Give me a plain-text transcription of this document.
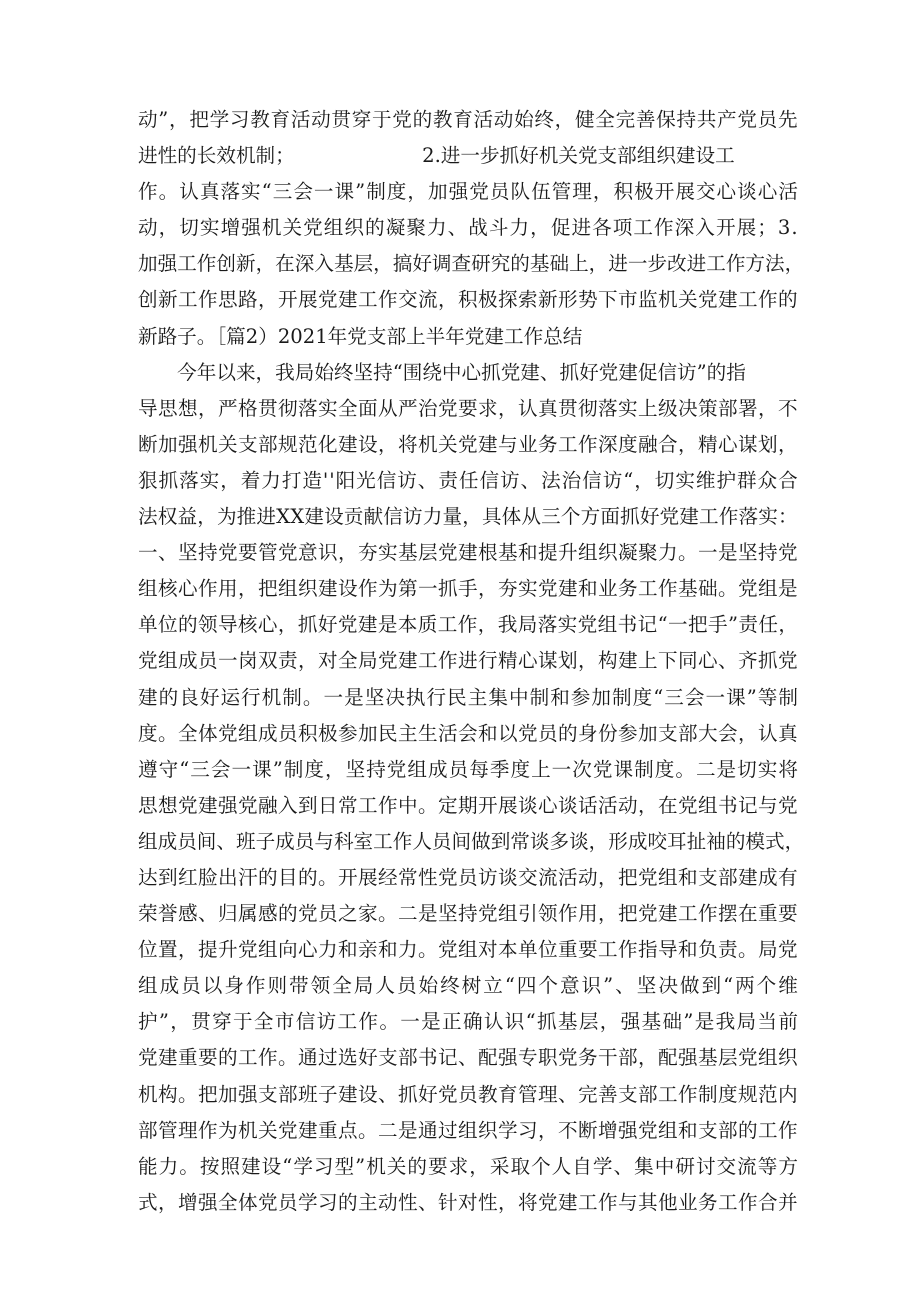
动 ” ， 把 学 习 教 育 活 动 贯 穿 于 党 的 教 育 活 动 始 终 ， 健 全 完 善 保 持 共 产 党 员 先
进性的长效机制；　　　　　　　2.进一步抓好机关党支部组织建设工
作 。 认 真 落 实 “ 三 会 一 课 ” 制 度 ， 加 强 党 员 队 伍 管 理 ， 积 极 开 展 交 心 谈 心 活
动 ， 切 实 增 强 机 关 党 组 织 的 凝 聚 力 、 战 斗 力 ， 促 进 各 项 工 作 深 入 开 展 ； 3 .
加 强 工 作 创 新 ， 在 深 入 基 层 ， 搞 好 调 查 研 究 的 基 础 上 ， 进 一 步 改 进 工 作 方 法 ，
创 新 工 作 思 路 ， 开 展 党 建 工 作 交 流 ， 积 极 探 索 新 形 势 下 市 监 机 关 党 建 工 作 的
新路子。［篇2）2021年党支部上半年党建工作总结
　　今年以来，我局始终坚持“围绕中心抓党建、抓好党建促信访”的指
导 思 想 ， 严 格 贯 彻 落 实 全 面 从 严 治 党 要 求 ， 认 真 贯 彻 落 实 上 级 决 策 部 署 ， 不
断 加 强 机 关 支 部 规 范 化 建 设 ， 将 机 关 党 建 与 业 务 工 作 深 度 融 合 ， 精 心 谋 划 ，
狠 抓 落 实 ， 着 力 打 造 ' ' 阳 光 信 访 、 责 任 信 访 、 法 治 信 访 “ ， 切 实 维 护 群 众 合
法 权 益 ， 为 推 进 X X 建 设 贡 献 信 访 力 量 ， 具 体 从 三 个 方 面 抓 好 党 建 工 作 落 实 ：
一 、 坚 持 党 要 管 党 意 识 ， 夯 实 基 层 党 建 根 基 和 提 升 组 织 凝 聚 力 。 一 是 坚 持 党
组 核 心 作 用 ， 把 组 织 建 设 作 为 第 一 抓 手 ， 夯 实 党 建 和 业 务 工 作 基 础 。 党 组 是
单 位 的 领 导 核 心 ， 抓 好 党 建 是 本 质 工 作 ， 我 局 落 实 党 组 书 记 “ 一 把 手 ” 责 任 ，
党 组 成 员 一 岗 双 责 ， 对 全 局 党 建 工 作 进 行 精 心 谋 划 ， 构 建 上 下 同 心 、 齐 抓 党
建 的 良 好 运 行 机 制 。 一 是 坚 决 执 行 民 主 集 中 制 和 参 加 制 度 “ 三 会 一 课 ” 等 制
度 。 全 体 党 组 成 员 积 极 参 加 民 主 生 活 会 和 以 党 员 的 身 份 参 加 支 部 大 会 ， 认 真
遵 守 “ 三 会 一 课 ” 制 度 ， 坚 持 党 组 成 员 每 季 度 上 一 次 党 课 制 度 。 二 是 切 实 将
思 想 党 建 强 党 融 入 到 日 常 工 作 中 。 定 期 开 展 谈 心 谈 话 活 动 ， 在 党 组 书 记 与 党
组 成 员 间 、 班 子 成 员 与 科 室 工 作 人 员 间 做 到 常 谈 多 谈 ， 形 成 咬 耳 扯 袖 的 模 式 ，
达 到 红 脸 出 汗 的 目 的 。 开 展 经 常 性 党 员 访 谈 交 流 活 动 ， 把 党 组 和 支 部 建 成 有
荣 誉 感 、 归 属 感 的 党 员 之 家 。 二 是 坚 持 党 组 引 领 作 用 ， 把 党 建 工 作 摆 在 重 要
位 置 ， 提 升 党 组 向 心 力 和 亲 和 力 。 党 组 对 本 单 位 重 要 工 作 指 导 和 负 责 。 局 党
组 成 员 以 身 作 则 带 领 全 局 人 员 始 终 树 立 “ 四 个 意 识 ” 、 坚 决 做 到 “ 两 个 维
护 ” ， 贯 穿 于 全 市 信 访 工 作 。 一 是 正 确 认 识 “ 抓 基 层 ， 强 基 础 ” 是 我 局 当 前
党 建 重 要 的 工 作 。 通 过 选 好 支 部 书 记 、 配 强 专 职 党 务 干 部 ， 配 强 基 层 党 组 织
机 构 。 把 加 强 支 部 班 子 建 设 、 抓 好 党 员 教 育 管 理 、 完 善 支 部 工 作 制 度 规 范 内
部 管 理 作 为 机 关 党 建 重 点 。 二 是 通 过 组 织 学 习 ， 不 断 增 强 党 组 和 支 部 的 工 作
能 力 。 按 照 建 设 “ 学 习 型 ” 机 关 的 要 求 ， 采 取 个 人 自 学 、 集 中 研 讨 交 流 等 方
式 ， 增 强 全 体 党 员 学 习 的 主 动 性 、 针 对 性 ， 将 党 建 工 作 与 其 他 业 务 工 作 合 并
